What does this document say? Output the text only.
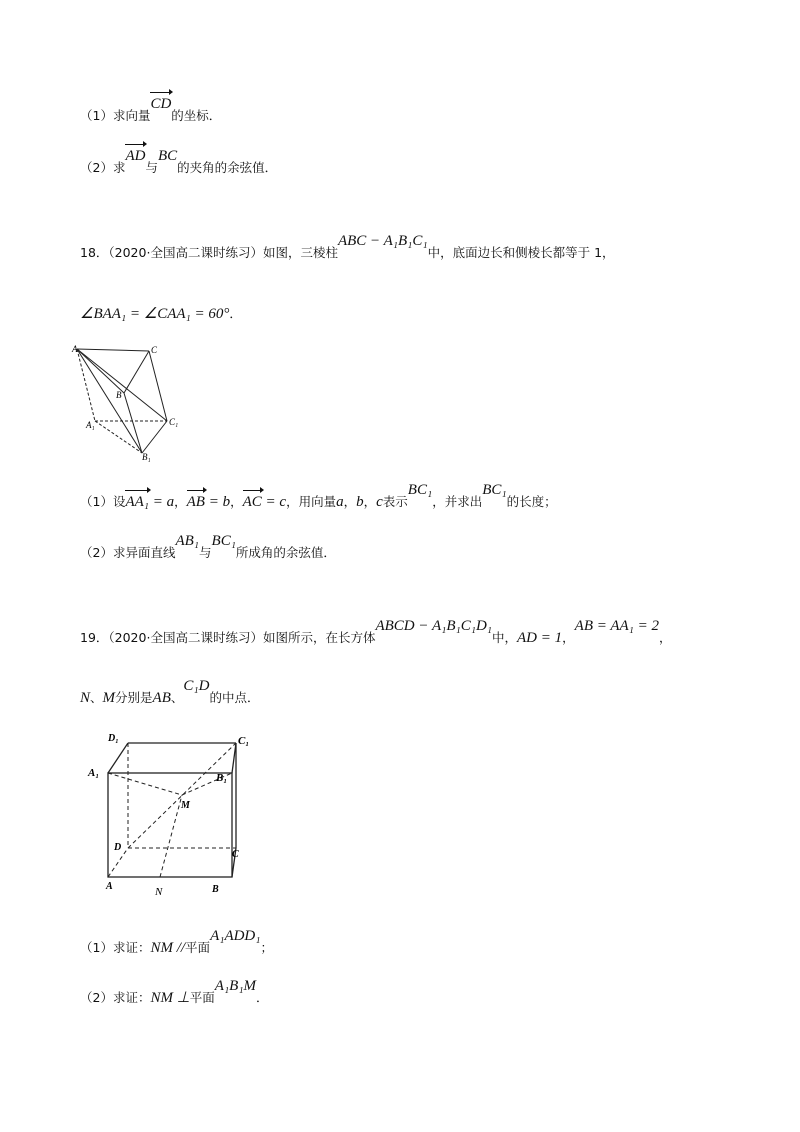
（1）求向量CD的坐标．
（2）求AD与BC的夹角的余弦值．
18．（2020·全国高二课时练习）如图，三棱柱ABC − A₁B₁C₁中，底面边长和侧棱长都等于 1，
∠BAA₁ = ∠CAA₁ = 60°．
A	C
B
C₁
A₁
B₁
（1）设AA₁ = a，AB = b，AC = c，用向量a，b，c表示BC₁，并求出BC₁的长度；
（2）求异面直线AB₁与BC₁所成角的余弦值．
19．（2020·全国高二课时练习）如图所示，在长方体ABCD − A₁B₁C₁D₁中，AD = 1，AB = AA₁ = 2，
N、M分别是AB、C₁D的中点．
D₁	C₁
A₁	B₁
M
D
C
A	N	B
（1）求证：NM //平面A₁ADD₁；
（2）求证：NM ⊥平面A₁B₁M．
